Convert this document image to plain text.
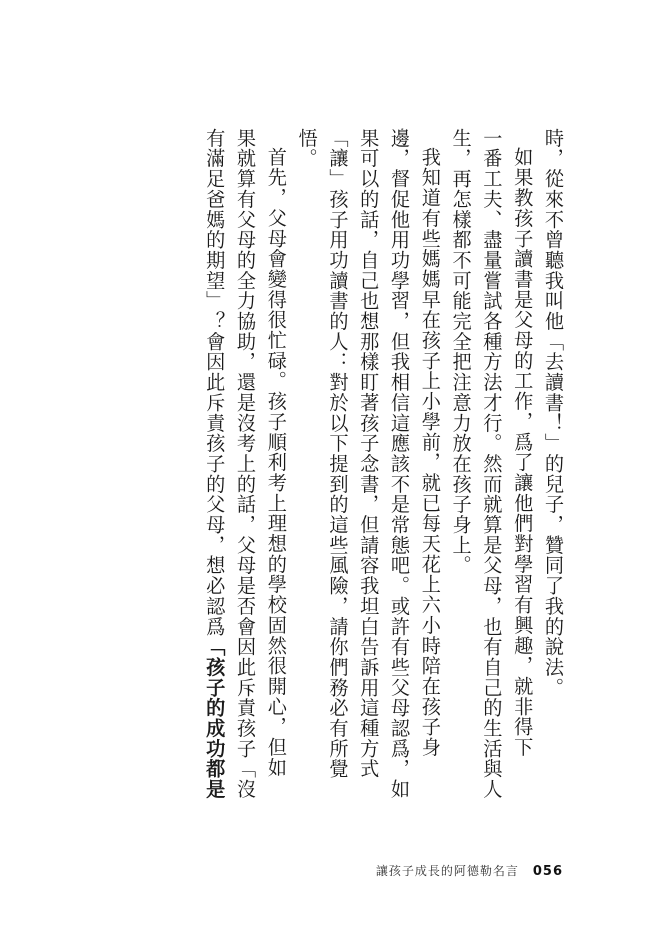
時，從來不曾聽我叫他「去讀書！」的兒子，贊同了我的說法。
如果教孩子讀書是父母的工作，爲了讓他們對學習有興趣，就非得下
一番工夫、盡量嘗試各種方法才行。然而就算是父母，也有自己的生活與人
生，再怎樣都不可能完全把注意力放在孩子身上。
我知道有些媽媽早在孩子上小學前，就已每天花上六小時陪在孩子身
邊，督促他用功學習，但我相信這應該不是常態吧。或許有些父母認爲，如
果可以的話，自己也想那樣盯著孩子念書，但請容我坦白告訴用這種方式
「讓」孩子用功讀書的人：對於以下提到的這些風險，請你們務必有所覺
悟。
首先，父母會變得很忙碌。孩子順利考上理想的學校固然很開心，但如
果就算有父母的全力協助，還是沒考上的話，父母是否會因此斥責孩子「沒
有滿足爸媽的期望」？會因此斥責孩子的父母，想必認爲「孩子的成功都是
讓孩子成長的阿德勒名言 056
